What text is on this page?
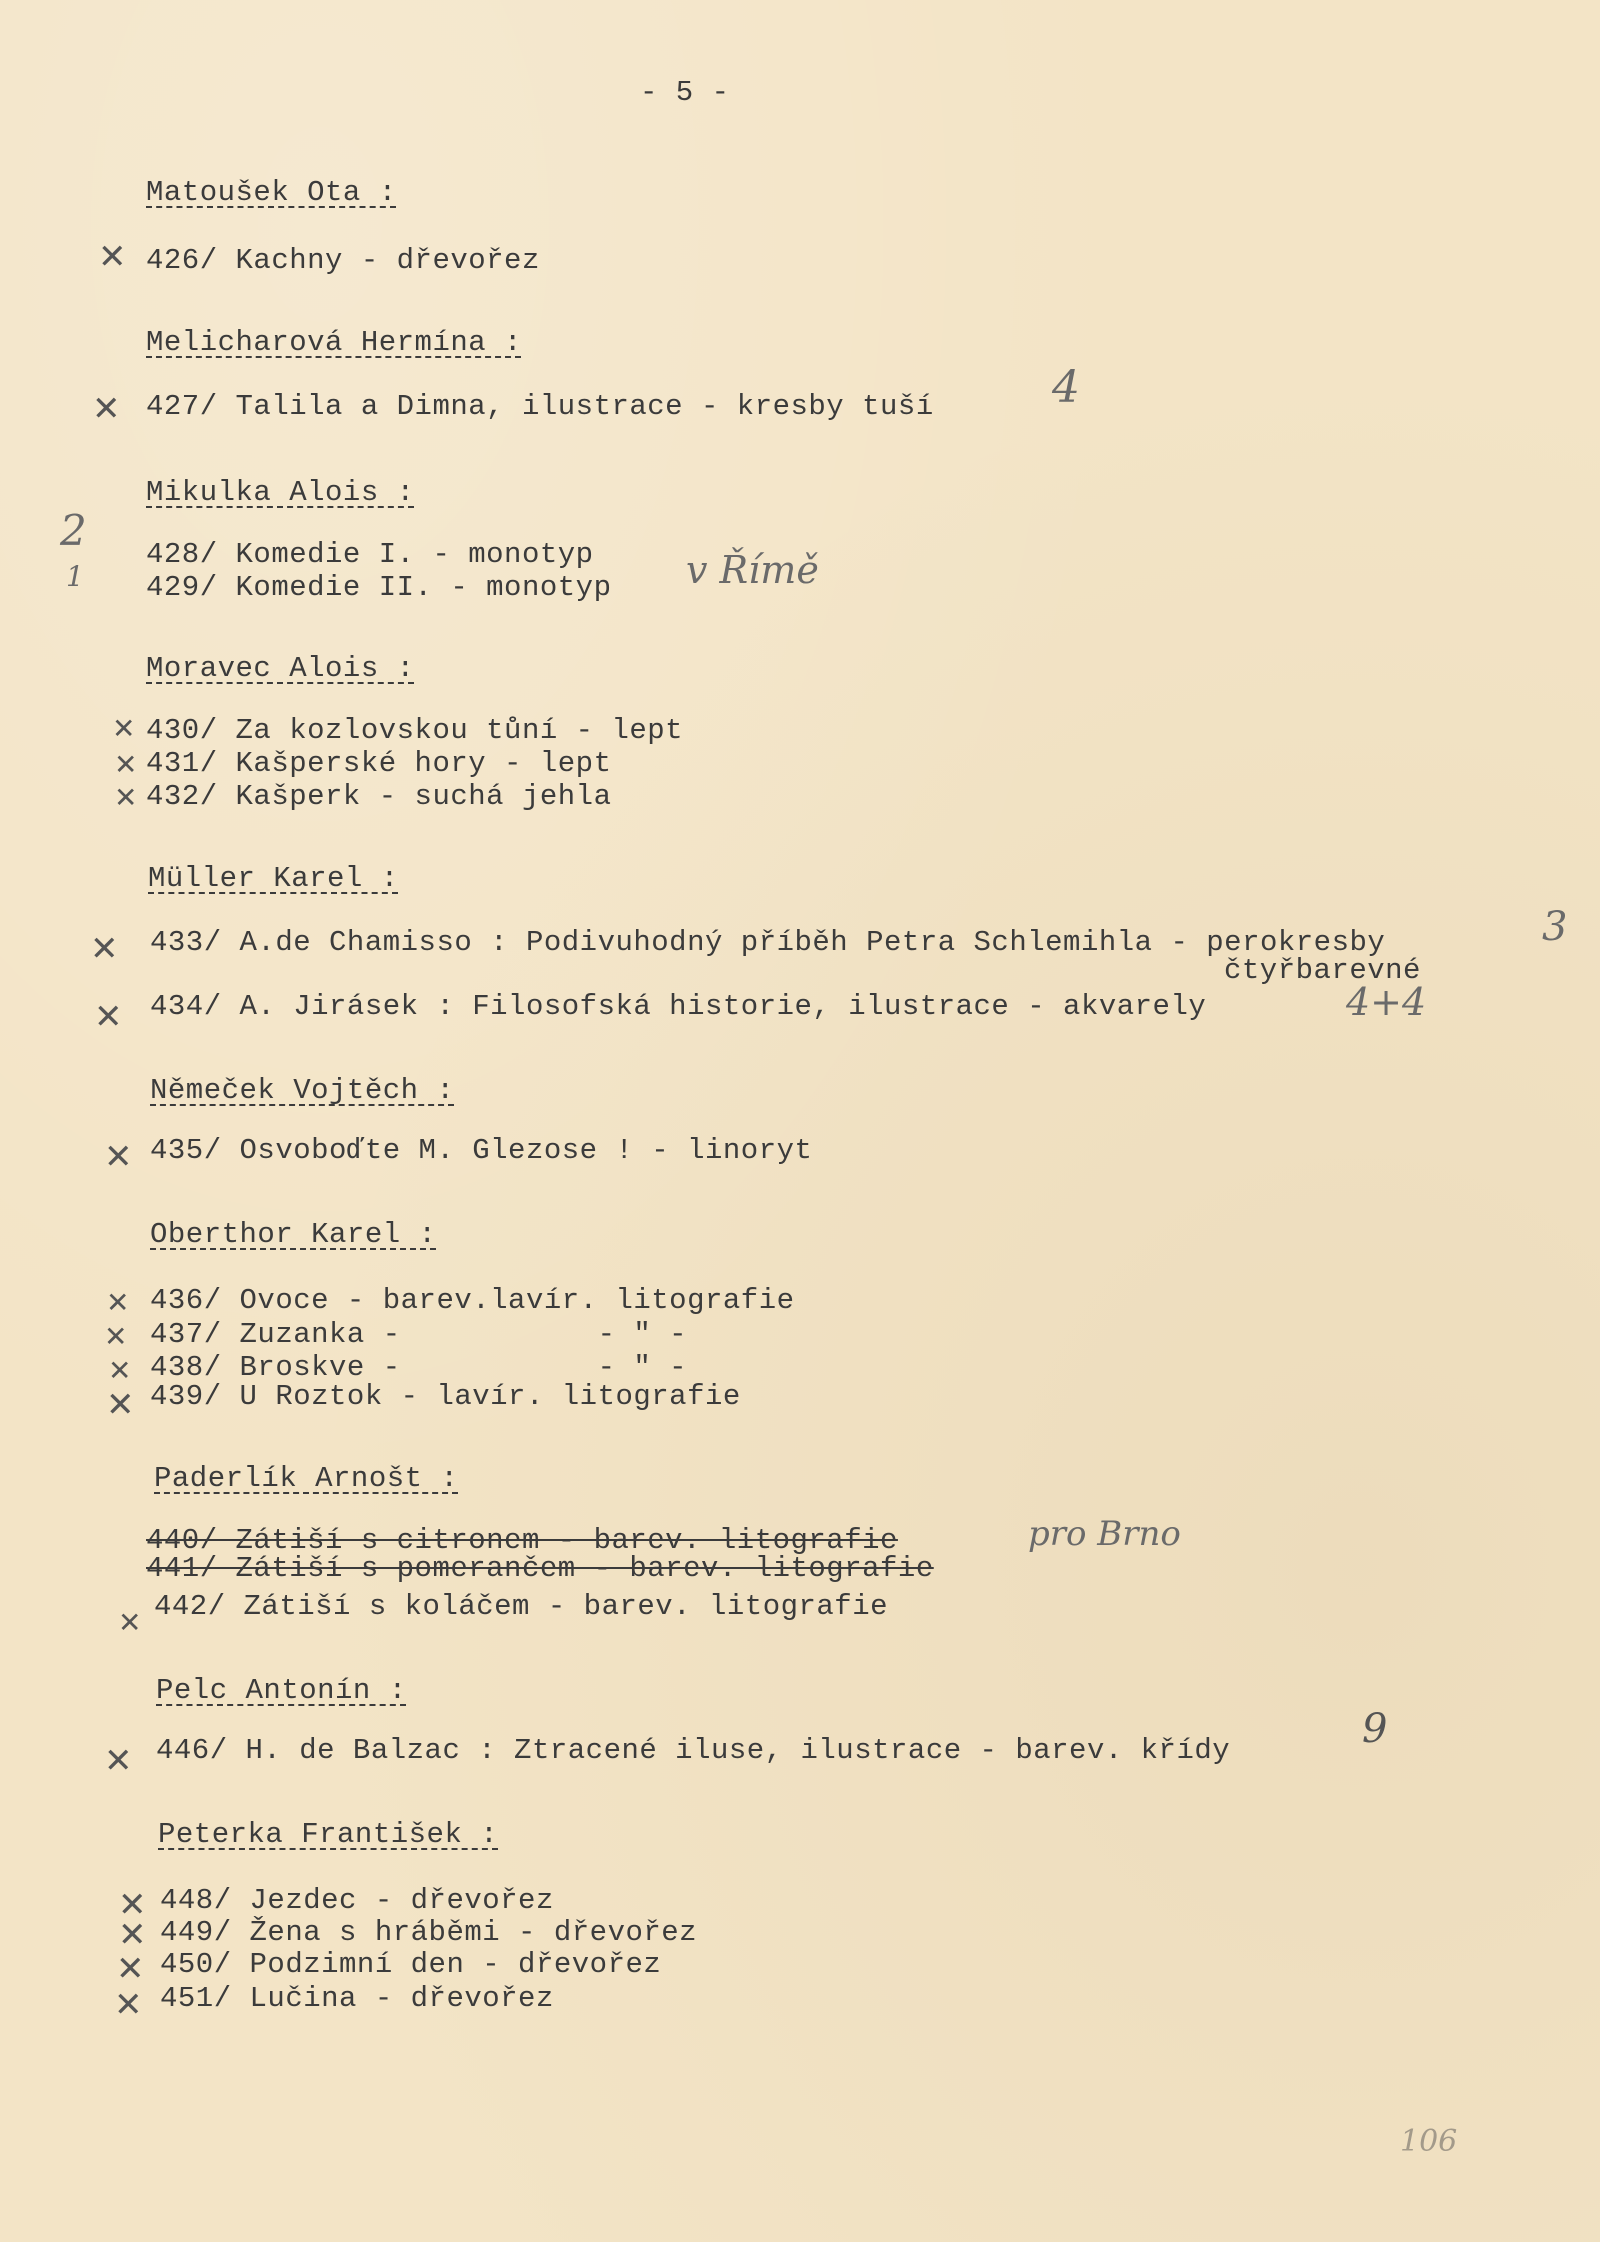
- 5 -
Matoušek Ota :
✕ 426/ Kachny - dřevořez
Melicharová Hermína :
✕ 427/ Talila a Dimna, ilustrace - kresby tuší	4
Mikulka Alois :
2
1
428/ Komedie I. - monotyp
429/ Komedie II. - monotyp v Římě
Moravec Alois :
✕ 430/ Za kozlovskou tůní - lept
✕ 431/ Kašperské hory - lept
✕ 432/ Kašperk - suchá jehla
Müller Karel :
✕ 433/ A.de Chamisso : Podivuhodný příběh Petra Schlemihla - perokresby
čtyřbarevné
3
✕ 434/ A. Jirásek : Filosofská historie, ilustrace - akvarely	4+4
Němeček Vojtěch :
✕ 435/ Osvoboďte M. Glezose ! - linoryt
Oberthor Karel :
✕ 436/ Ovoce - barev.lavír. litografie
✕ 437/ Zuzanka -           - " -
✕ 438/ Broskve -           - " -
✕ 439/ U Roztok - lavír. litografie
Paderlík Arnošt :
440/ Zátiší s citronem - barev. litografie
441/ Zátiší s pomerančem - barev. litografie
pro Brno
✕ 442/ Zátiší s koláčem - barev. litografie
Pelc Antonín :
✕ 446/ H. de Balzac : Ztracené iluse, ilustrace - barev. křídy	9
Peterka František :
✕ 448/ Jezdec - dřevořez
✕ 449/ Žena s hráběmi - dřevořez
✕ 450/ Podzimní den - dřevořez
✕ 451/ Lučina - dřevořez
106
